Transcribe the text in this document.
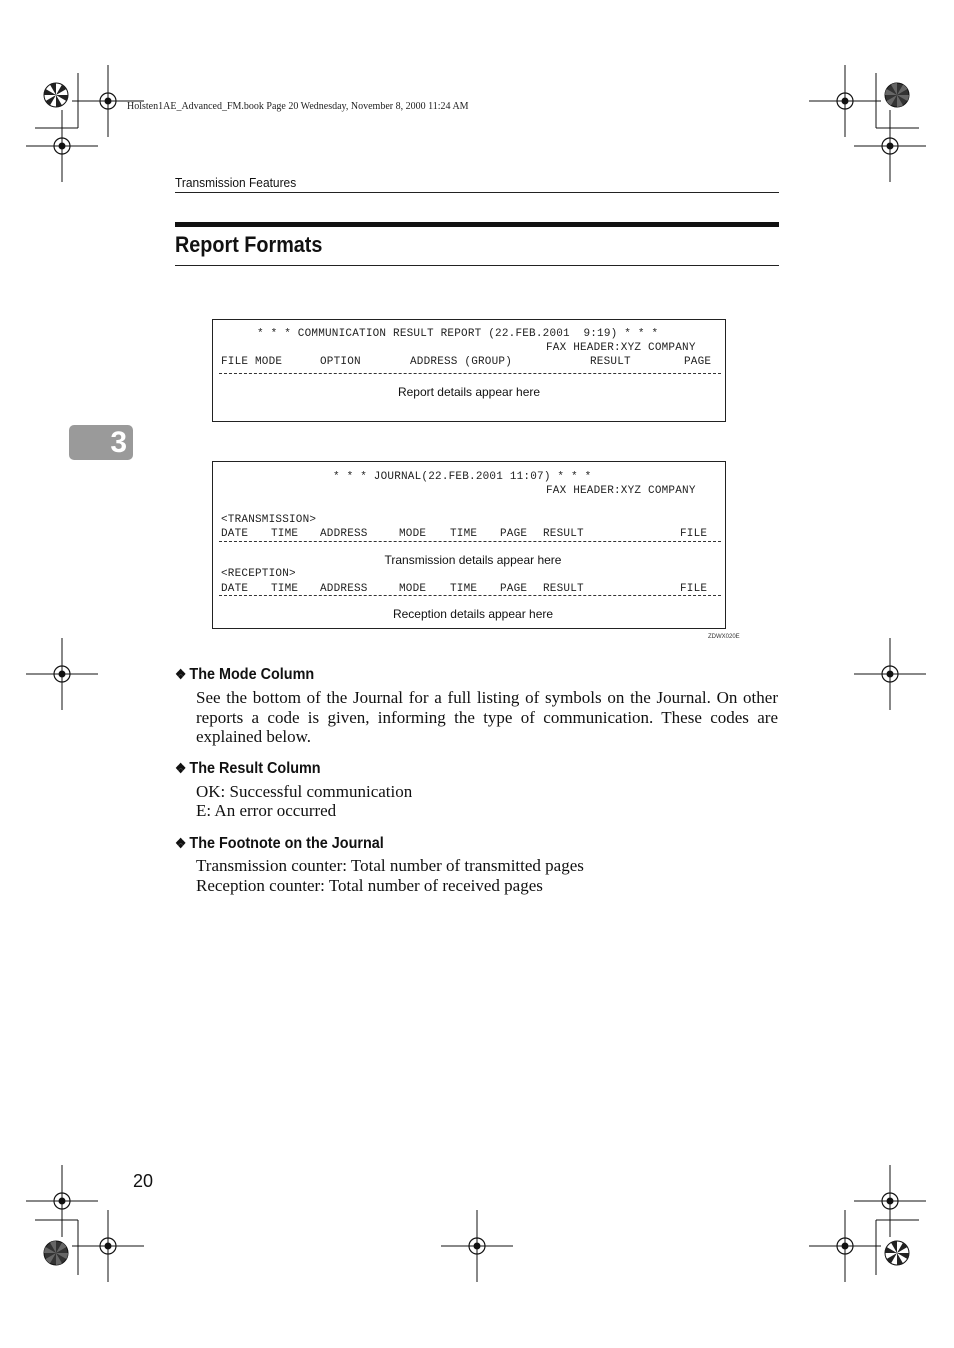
Holsten1AE_Advanced_FM.book Page 20 Wednesday, November 8, 2000 11:24 AM
Transmission Features
Report Formats
3
* * * COMMUNICATION RESULT REPORT (22.FEB.2001  9:19) * * *
FAX HEADER:XYZ COMPANY
FILE MODE	OPTION	ADDRESS (GROUP)	RESULT	PAGE
Report details appear here
* * * JOURNAL(22.FEB.2001 11:07) * * *
FAX HEADER:XYZ COMPANY
<TRANSMISSION>
DATE TIME ADDRESS	MODE TIME PAGE RESULT	FILE
Transmission details appear here
<RECEPTION>
DATE TIME ADDRESS	MODE TIME PAGE RESULT	FILE
Reception details appear here
ZDWX020E
❖ The Mode Column
See the bottom of the Journal for a full listing of symbols on the Journal. On other reports a code is given, informing the type of communication. These codes are explained below.
❖ The Result Column
OK: Successful communication
E: An error occurred
❖ The Footnote on the Journal
Transmission counter: Total number of transmitted pages
Reception counter: Total number of received pages
20
